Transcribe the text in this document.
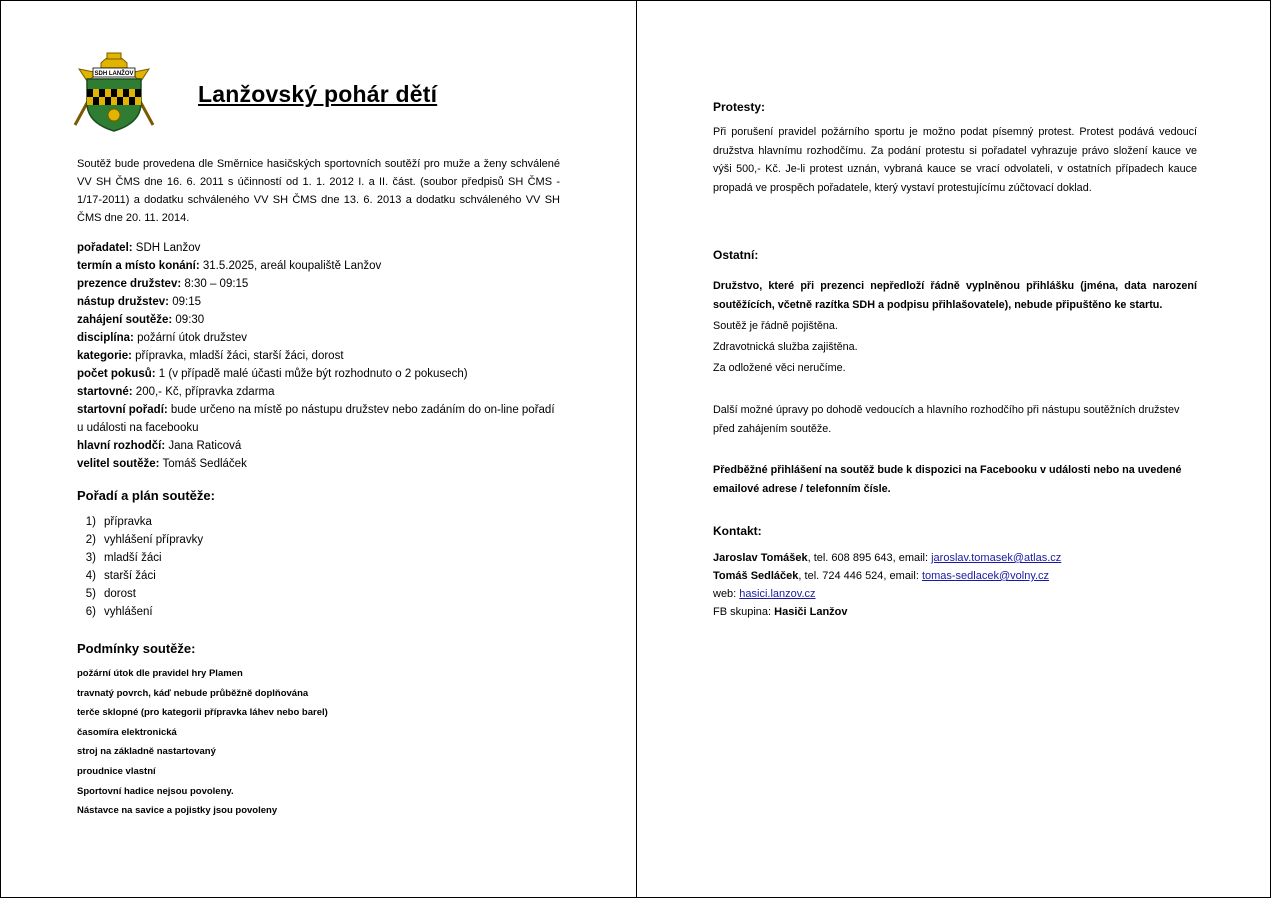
SDH LANŽOV
Lanžovský pohár dětí
Soutěž bude provedena dle Směrnice hasičských sportovních soutěží pro muže a ženy schválené VV SH ČMS dne 16. 6. 2011 s účinností od 1. 1. 2012 I. a II. část. (soubor předpisů SH ČMS - 1/17-2011) a dodatku schváleného VV SH ČMS dne 13. 6. 2013 a dodatku schváleného VV SH ČMS dne 20. 11. 2014.
pořadatel: SDH Lanžov
termín a místo konání: 31.5.2025, areál koupaliště Lanžov
prezence družstev: 8:30 – 09:15
nástup družstev: 09:15
zahájení soutěže: 09:30
disciplína: požární útok družstev
kategorie: přípravka, mladší žáci, starší žáci, dorost
počet pokusů: 1 (v případě malé účasti může být rozhodnuto o 2 pokusech)
startovné: 200,- Kč, přípravka zdarma
startovní pořadí: bude určeno na místě po nástupu družstev nebo zadáním do on-line pořadí
u události na facebooku
hlavní rozhodčí: Jana Raticová
velitel soutěže: Tomáš Sedláček
Pořadí a plán soutěže:
1) přípravka
2) vyhlášení přípravky
3) mladší žáci
4) starší žáci
5) dorost
6) vyhlášení
Podmínky soutěže:
požární útok dle pravidel hry Plamen
travnatý povrch, káď nebude průběžně doplňována
terče sklopné (pro kategorii přípravka láhev nebo barel)
časomíra elektronická
stroj na základně nastartovaný
proudnice vlastní
Sportovní hadice nejsou povoleny.
Nástavce na savice a pojistky jsou povoleny
Protesty:
Při porušení pravidel požárního sportu je možno podat písemný protest. Protest podává vedoucí družstva hlavnímu rozhodčímu. Za podání protestu si pořadatel vyhrazuje právo složení kauce ve výši 500,- Kč. Je-li protest uznán, vybraná kauce se vrací odvolateli, v ostatních případech kauce propadá ve prospěch pořadatele, který vystaví protestujícímu zúčtovací doklad.
Ostatní:
Družstvo, které při prezenci nepředloží řádně vyplněnou přihlášku (jména, data narození soutěžících, včetně razítka SDH a podpisu přihlašovatele), nebude připuštěno ke startu.
Soutěž je řádně pojištěna.
Zdravotnická služba zajištěna.
Za odložené věci neručíme.
Další možné úpravy po dohodě vedoucích a hlavního rozhodčího při nástupu soutěžních družstev před zahájením soutěže.
Předběžné přihlášení na soutěž bude k dispozici na Facebooku v události nebo na uvedené emailové adrese / telefonním čísle.
Kontakt:
Jaroslav Tomášek, tel. 608 895 643, email: jaroslav.tomasek@atlas.cz
Tomáš Sedláček, tel. 724 446 524, email: tomas-sedlacek@volny.cz
web: hasici.lanzov.cz
FB skupina: Hasiči Lanžov
